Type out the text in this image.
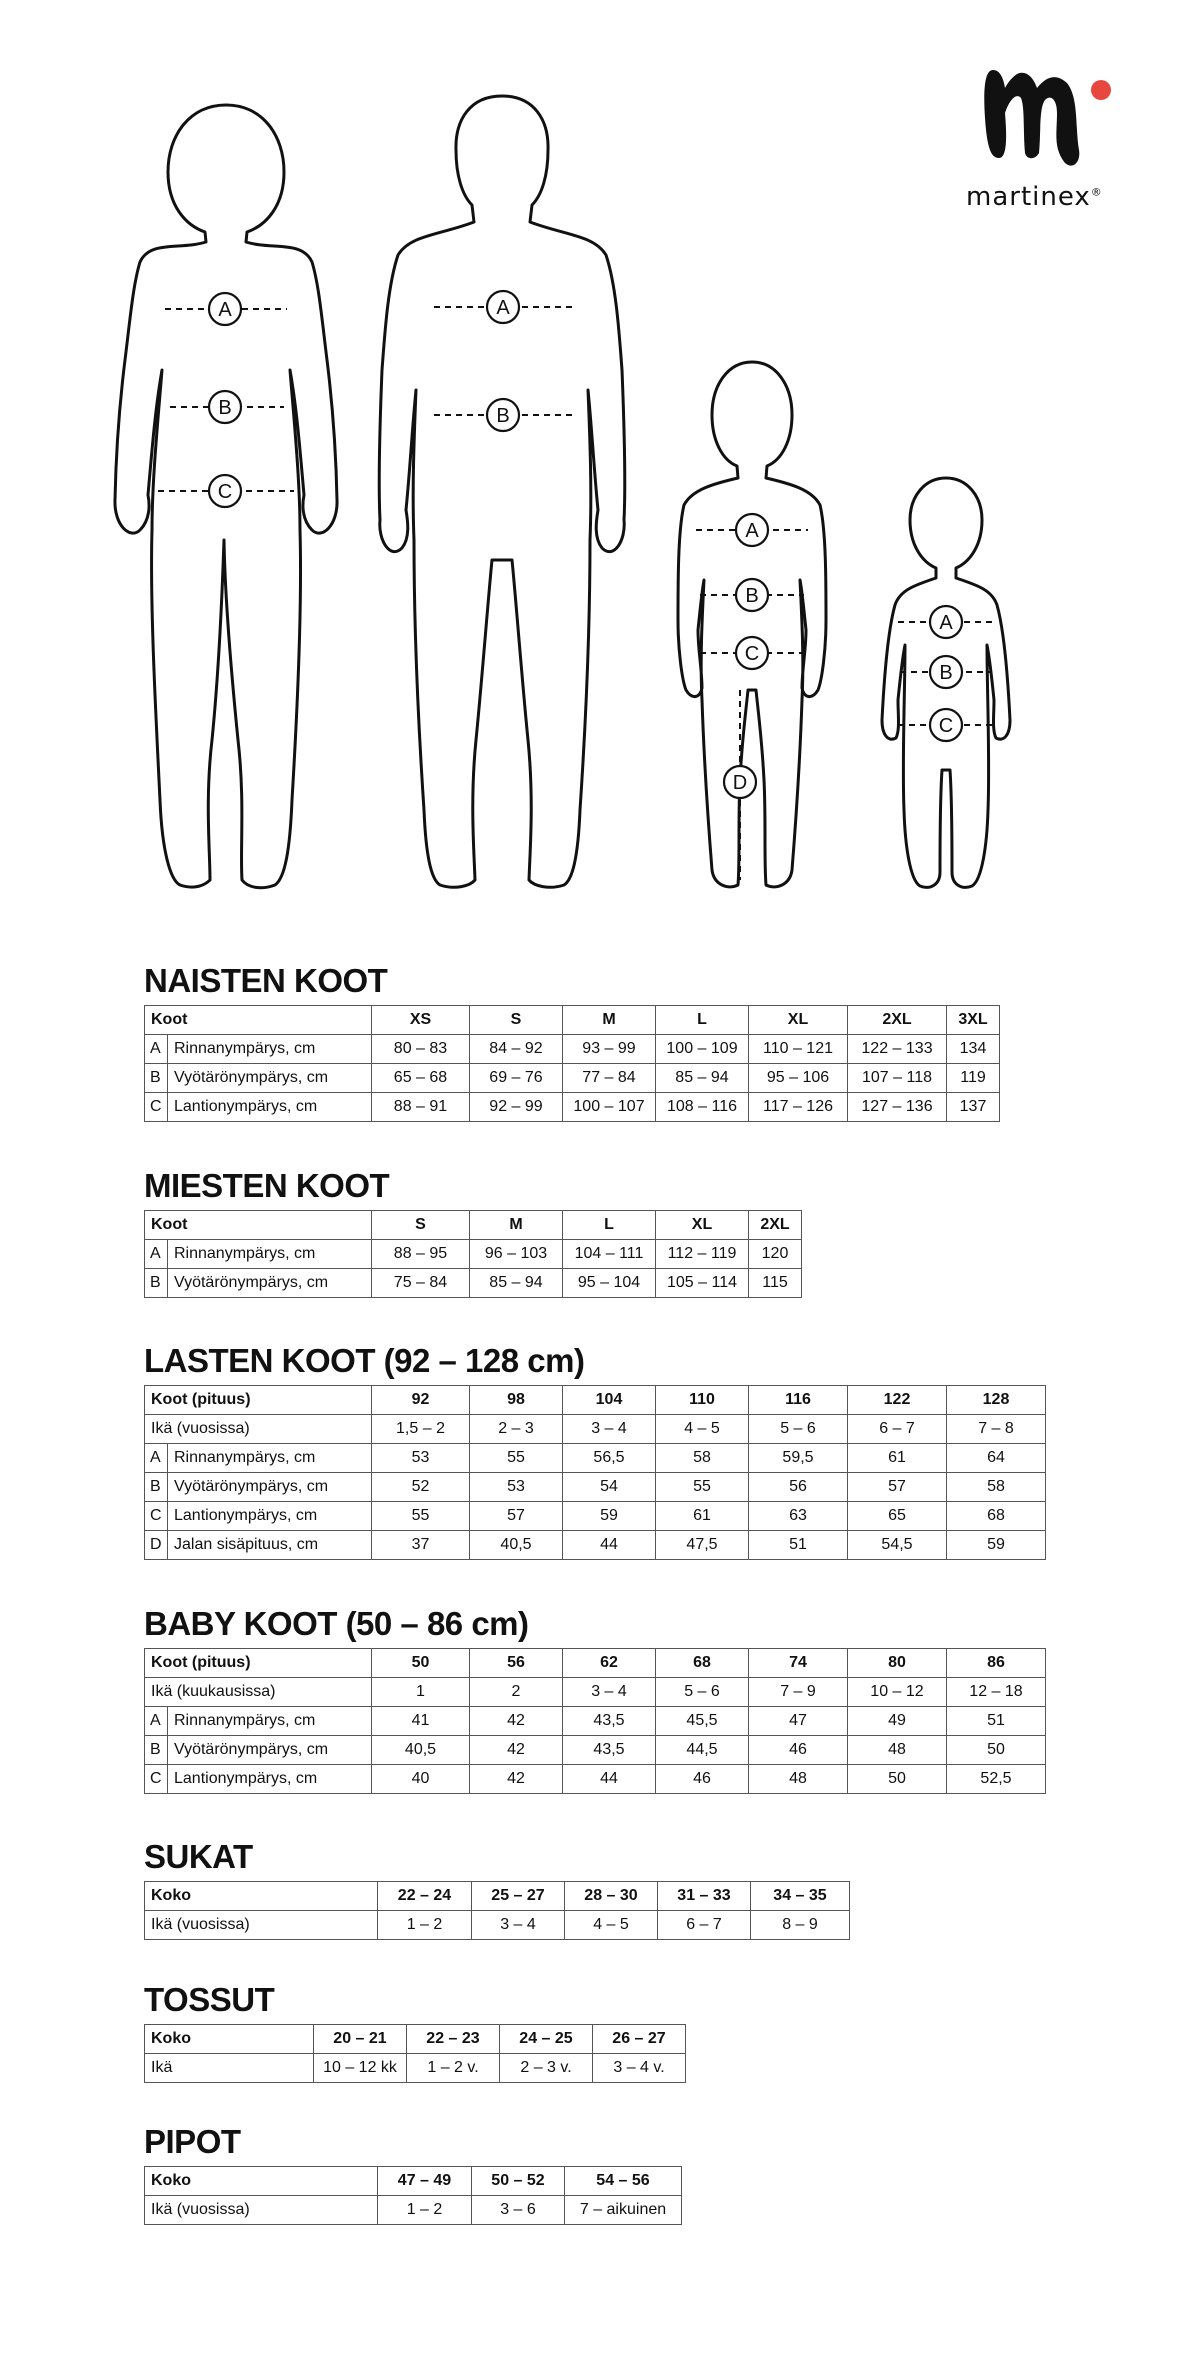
A
B
C
A
B
A
B
C
D
A
B
C
martinex®
NAISTEN KOOT
Koot		XS	S	M	L	XL	2XL	3XL
A	Rinnanympärys, cm	80 – 83	84 – 92	93 – 99	100 – 109	110 – 121	122 – 133	134
B	Vyötärönympärys, cm	65 – 68	69 – 76	77 – 84	85 – 94	95 – 106	107 – 118	119
C	Lantionympärys, cm	88 – 91	92 – 99	100 – 107	108 – 116	117 – 126	127 – 136	137
MIESTEN KOOT
Koot		S	M	L	XL	2XL
A	Rinnanympärys, cm	88 – 95	96 – 103	104 – 111	112 – 119	120
B	Vyötärönympärys, cm	75 – 84	85 – 94	95 – 104	105 – 114	115
LASTEN KOOT (92 – 128 cm)
Koot (pituus)		92	98	104	110	116	122	128
Ikä (vuosissa)		1,5 – 2	2 – 3	3 – 4	4 – 5	5 – 6	6 – 7	7 – 8
A	Rinnanympärys, cm	53	55	56,5	58	59,5	61	64
B	Vyötärönympärys, cm	52	53	54	55	56	57	58
C	Lantionympärys, cm	55	57	59	61	63	65	68
D	Jalan sisäpituus, cm	37	40,5	44	47,5	51	54,5	59
BABY KOOT (50 – 86 cm)
Koot (pituus)		50	56	62	68	74	80	86
Ikä (kuukausissa)		1	2	3 – 4	5 – 6	7 – 9	10 – 12	12 – 18
A	Rinnanympärys, cm	41	42	43,5	45,5	47	49	51
B	Vyötärönympärys, cm	40,5	42	43,5	44,5	46	48	50
C	Lantionympärys, cm	40	42	44	46	48	50	52,5
SUKAT
Koko	22 – 24	25 – 27	28 – 30	31 – 33	34 – 35
Ikä (vuosissa)	1 – 2	3 – 4	4 – 5	6 – 7	8 – 9
TOSSUT
Koko	20 – 21	22 – 23	24 – 25	26 – 27
Ikä	10 – 12 kk	1 – 2 v.	2 – 3 v.	3 – 4 v.
PIPOT
Koko	47 – 49	50 – 52	54 – 56
Ikä (vuosissa)	1 – 2	3 – 6	7 – aikuinen
